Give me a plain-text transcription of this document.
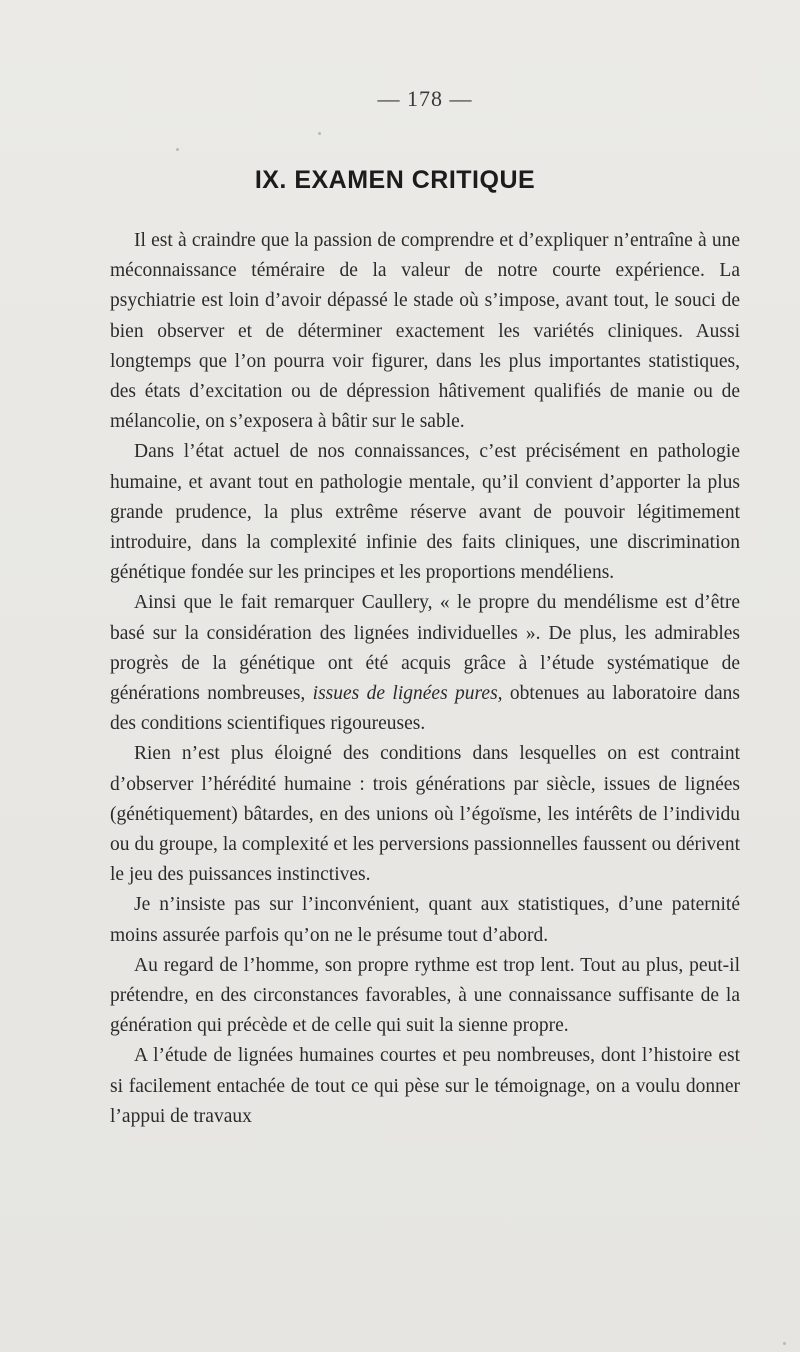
— 178 —
IX. EXAMEN CRITIQUE

Il est à craindre que la passion de comprendre et d’expliquer n’entraîne à une méconnaissance téméraire de la valeur de notre courte expérience. La psychiatrie est loin d’avoir dépassé le stade où s’impose, avant tout, le souci de bien observer et de déterminer exactement les variétés cliniques. Aussi longtemps que l’on pourra voir figurer, dans les plus importantes statistiques, des états d’excitation ou de dépression hâtivement qualifiés de manie ou de mélancolie, on s’exposera à bâtir sur le sable.

Dans l’état actuel de nos connaissances, c’est précisément en pathologie humaine, et avant tout en pathologie mentale, qu’il convient d’apporter la plus grande prudence, la plus extrême réserve avant de pouvoir légitimement introduire, dans la complexité infinie des faits cliniques, une discrimination génétique fondée sur les principes et les proportions mendéliens.

Ainsi que le fait remarquer Caullery, « le propre du mendélisme est d’être basé sur la considération des lignées individuelles ». De plus, les admirables progrès de la génétique ont été acquis grâce à l’étude systématique de générations nombreuses, issues de lignées pures, obtenues au laboratoire dans des conditions scientifiques rigoureuses.

Rien n’est plus éloigné des conditions dans lesquelles on est contraint d’observer l’hérédité humaine : trois générations par siècle, issues de lignées (génétiquement) bâtardes, en des unions où l’égoïsme, les intérêts de l’individu ou du groupe, la complexité et les perversions passionnelles faussent ou dérivent le jeu des puissances instinctives.

Je n’insiste pas sur l’inconvénient, quant aux statistiques, d’une paternité moins assurée parfois qu’on ne le présume tout d’abord.

Au regard de l’homme, son propre rythme est trop lent. Tout au plus, peut-il prétendre, en des circonstances favorables, à une connaissance suffisante de la génération qui précède et de celle qui suit la sienne propre.

A l’étude de lignées humaines courtes et peu nombreuses, dont l’histoire est si facilement entachée de tout ce qui pèse sur le témoignage, on a voulu donner l’appui de travaux
